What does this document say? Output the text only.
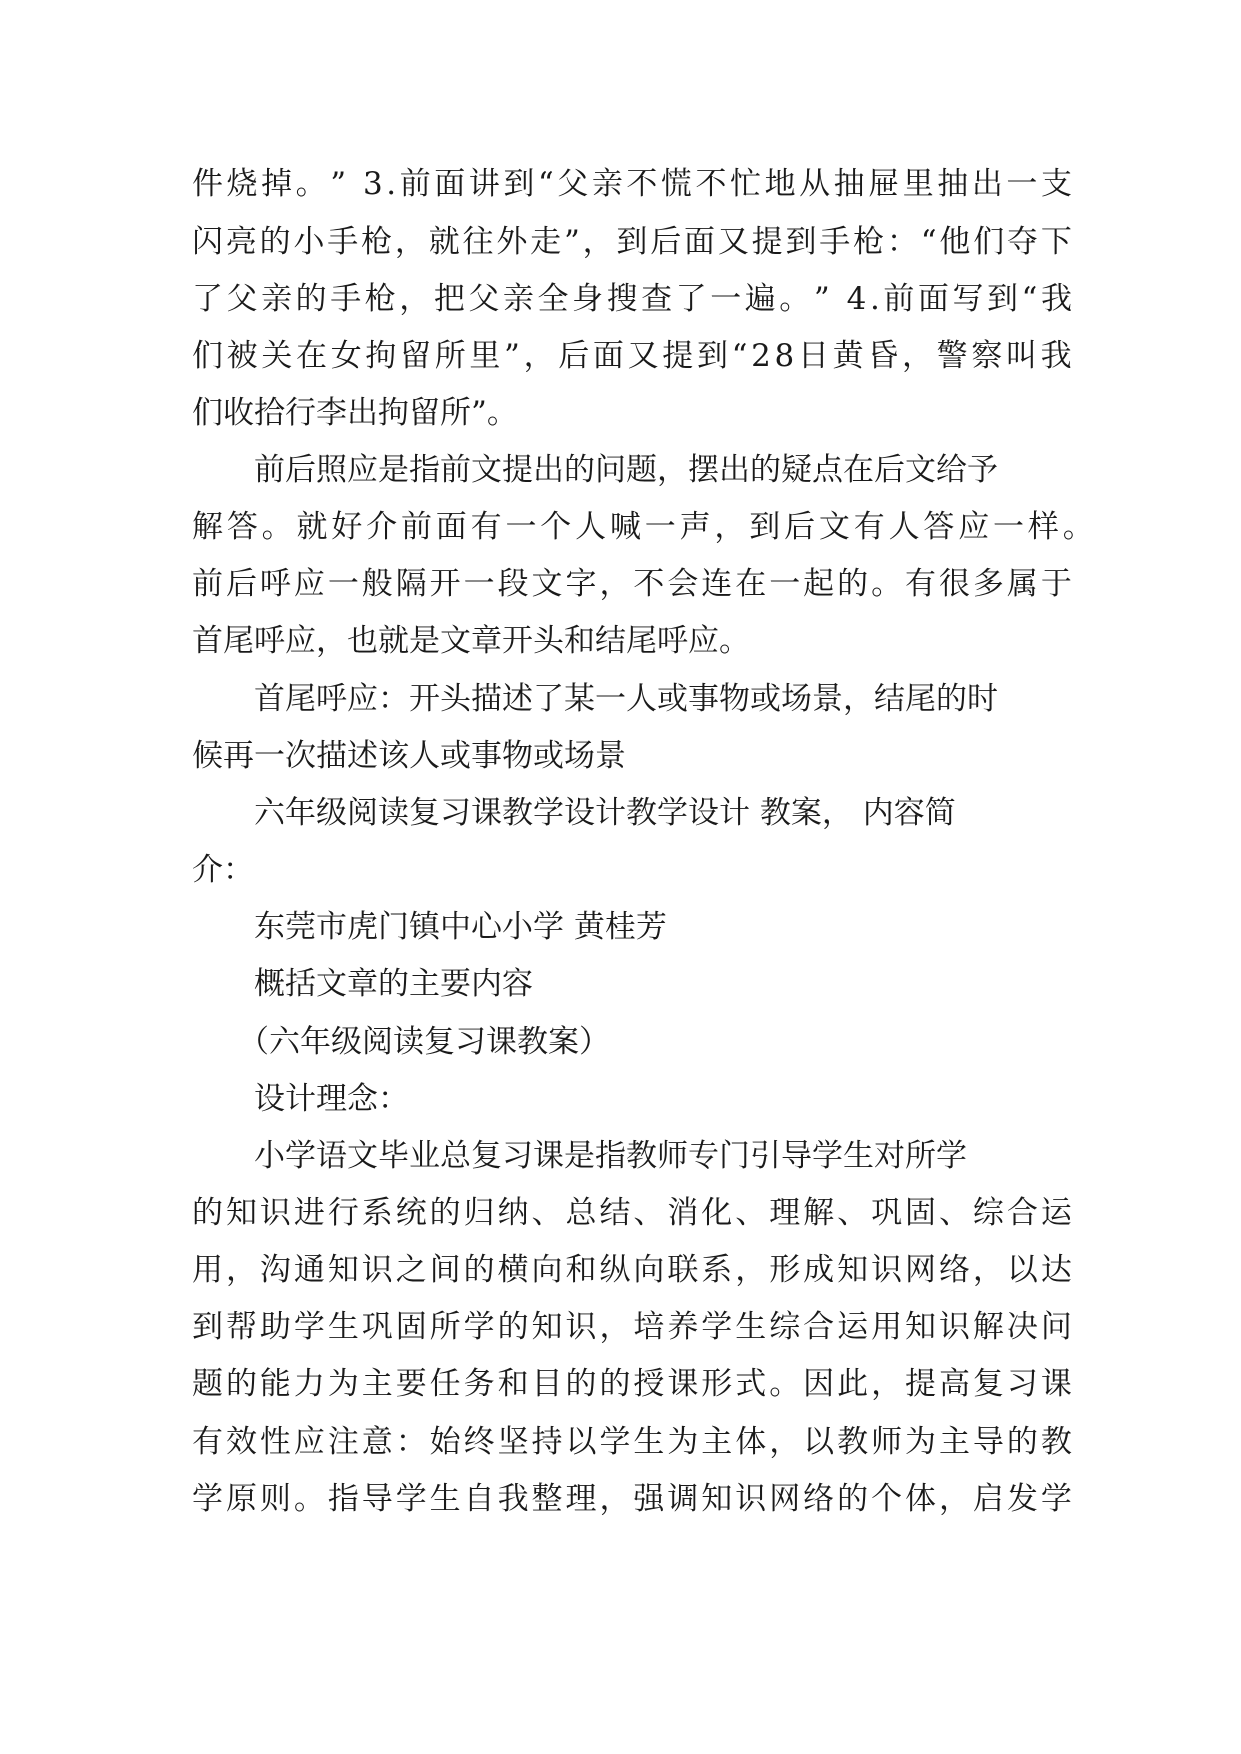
件 烧 掉 。 ”
3 . 前 面 讲 到 “ 父 亲 不 慌 不 忙 地 从 抽 屉 里 抽 出 一 支
闪 亮 的 小 手 枪 ， 就 往 外 走 ” ， 到 后 面 又 提 到 手 枪 ： “ 他 们 夺 下
了 父 亲 的 手 枪 ， 把 父 亲 全 身 搜 查 了 一 遍 。 ”
4 . 前 面 写 到 “ 我
们 被 关 在 女 拘 留 所 里 ” ， 后 面 又 提 到 “ 2 8 日 黄 昏 ， 警 察 叫 我
们收拾行李出拘留所”。
前后照应是指前文提出的问题，摆出的疑点在后文给予
解 答 。 就 好 介 前 面 有 一 个 人 喊 一 声 ， 到 后 文 有 人 答 应 一 样 。
前 后 呼 应 一 般 隔 开 一 段 文 字 ， 不 会 连 在 一 起 的 。 有 很 多 属 于
首尾呼应，也就是文章开头和结尾呼应。
首尾呼应：开头描述了某一人或事物或场景，结尾的时
候再一次描述该人或事物或场景
六年级阅读复习课教学设计教学设计 教案， 内容简
介：
东莞市虎门镇中心小学 黄桂芳
概括文章的主要内容
（六年级阅读复习课教案）
设计理念：
小学语文毕业总复习课是指教师专门引导学生对所学
的 知 识 进 行 系 统 的 归 纳 、 总 结 、 消 化 、 理 解 、 巩 固 、 综 合 运
用 ， 沟 通 知 识 之 间 的 横 向 和 纵 向 联 系 ， 形 成 知 识 网 络 ， 以 达
到 帮 助 学 生 巩 固 所 学 的 知 识 ， 培 养 学 生 综 合 运 用 知 识 解 决 问
题 的 能 力 为 主 要 任 务 和 目 的 的 授 课 形 式 。 因 此 ， 提 高 复 习 课
有 效 性 应 注 意 ： 始 终 坚 持 以 学 生 为 主 体 ， 以 教 师 为 主 导 的 教
学 原 则 。 指 导 学 生 自 我 整 理 ， 强 调 知 识 网 络 的 个 体 ， 启 发 学
